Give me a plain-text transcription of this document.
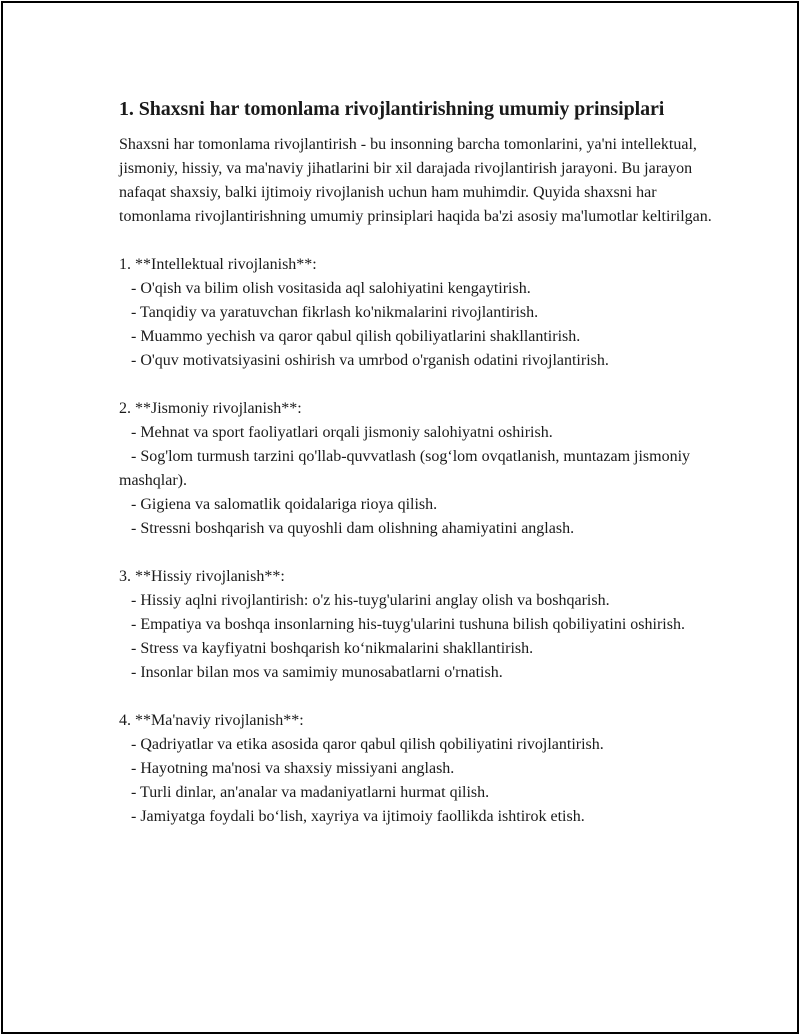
1. Shaxsni har tomonlama rivojlantirishning umumiy prinsiplari
Shaxsni har tomonlama rivojlantirish - bu insonning barcha tomonlarini, ya'ni intellektual, jismoniy, hissiy, va ma'naviy jihatlarini bir xil darajada rivojlantirish jarayoni. Bu jarayon nafaqat shaxsiy, balki ijtimoiy rivojlanish uchun ham muhimdir. Quyida shaxsni har tomonlama rivojlantirishning umumiy prinsiplari haqida ba'zi asosiy ma'lumotlar keltirilgan.
1. **Intellektual rivojlanish**:
- O'qish va bilim olish vositasida aql salohiyatini kengaytirish.
- Tanqidiy va yaratuvchan fikrlash ko'nikmalarini rivojlantirish.
- Muammo yechish va qaror qabul qilish qobiliyatlarini shakllantirish.
- O'quv motivatsiyasini oshirish va umrbod o'rganish odatini rivojlantirish.
2. **Jismoniy rivojlanish**:
- Mehnat va sport faoliyatlari orqali jismoniy salohiyatni oshirish.
- Sog'lom turmush tarzini qo'llab-quvvatlash (sog‘lom ovqatlanish, muntazam jismoniy mashqlar).
- Gigiena va salomatlik qoidalariga rioya qilish.
- Stressni boshqarish va quyoshli dam olishning ahamiyatini anglash.
3. **Hissiy rivojlanish**:
- Hissiy aqlni rivojlantirish: o'z his-tuyg'ularini anglay olish va boshqarish.
- Empatiya va boshqa insonlarning his-tuyg'ularini tushuna bilish qobiliyatini oshirish.
- Stress va kayfiyatni boshqarish ko‘nikmalarini shakllantirish.
- Insonlar bilan mos va samimiy munosabatlarni o'rnatish.
4. **Ma'naviy rivojlanish**:
- Qadriyatlar va etika asosida qaror qabul qilish qobiliyatini rivojlantirish.
- Hayotning ma'nosi va shaxsiy missiyani anglash.
- Turli dinlar, an'analar va madaniyatlarni hurmat qilish.
- Jamiyatga foydali bo‘lish, xayriya va ijtimoiy faollikda ishtirok etish.
